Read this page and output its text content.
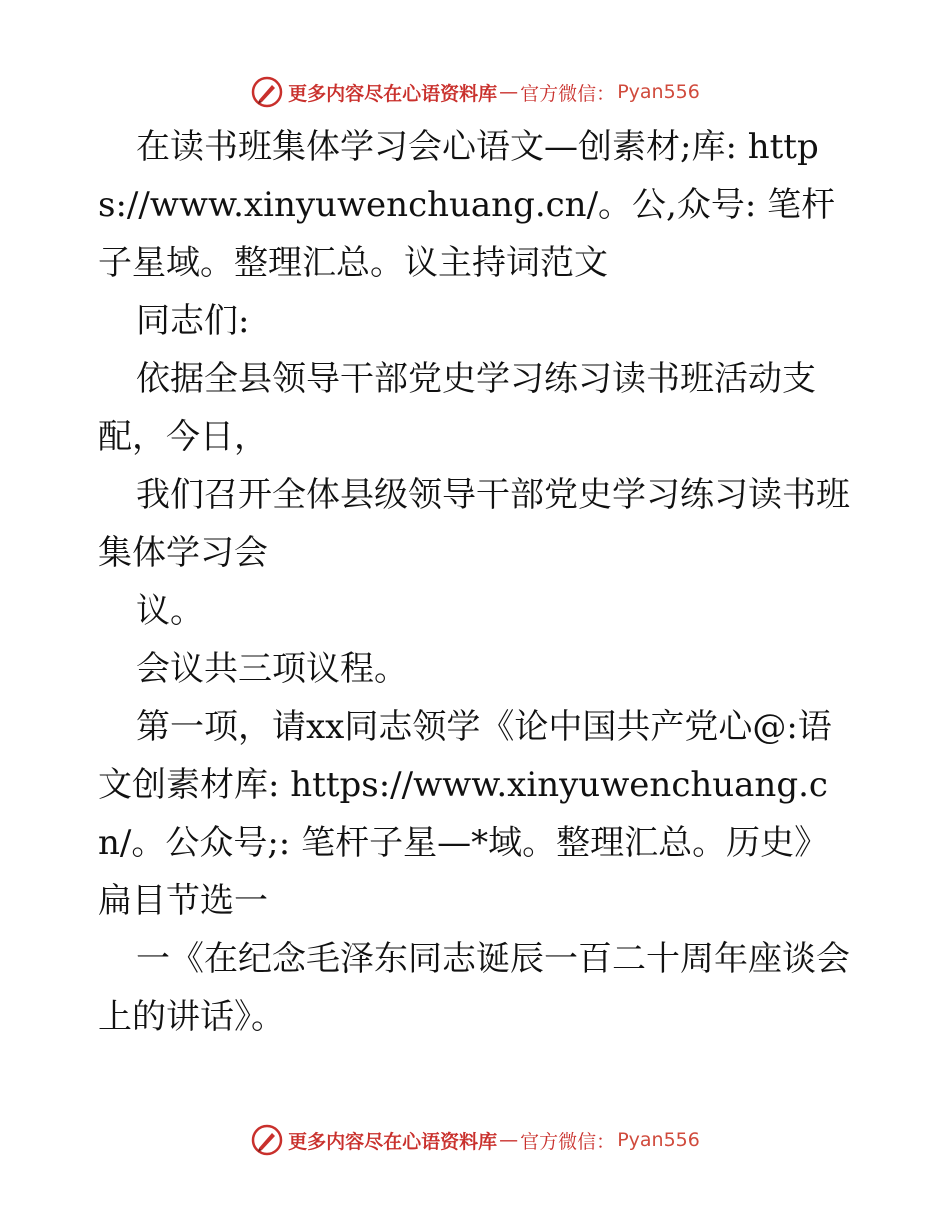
更多内容尽在心语资料库 — 官方微信： Pyan556

在读书班集体学习会心语文—创素材;库: https://www.xinyuwenchuang.cn/。公,众号: 笔杆子星域。整理汇总。议主持词范文

同志们:

依据全县领导干部党史学习练习读书班活动支配，今日，

我们召开全体县级领导干部党史学习练习读书班集体学习会

议。

会议共三项议程。

第一项，请xx同志领学《论中国共产党心@:语文创素材库: https://www.xinyuwenchuang.cn/。公众号;: 笔杆子星—*域。整理汇总。历史》扁目节选一

一《在纪念毛泽东同志诞辰一百二十周年座谈会上的讲话》。

更多内容尽在心语资料库 — 官方微信： Pyan556
